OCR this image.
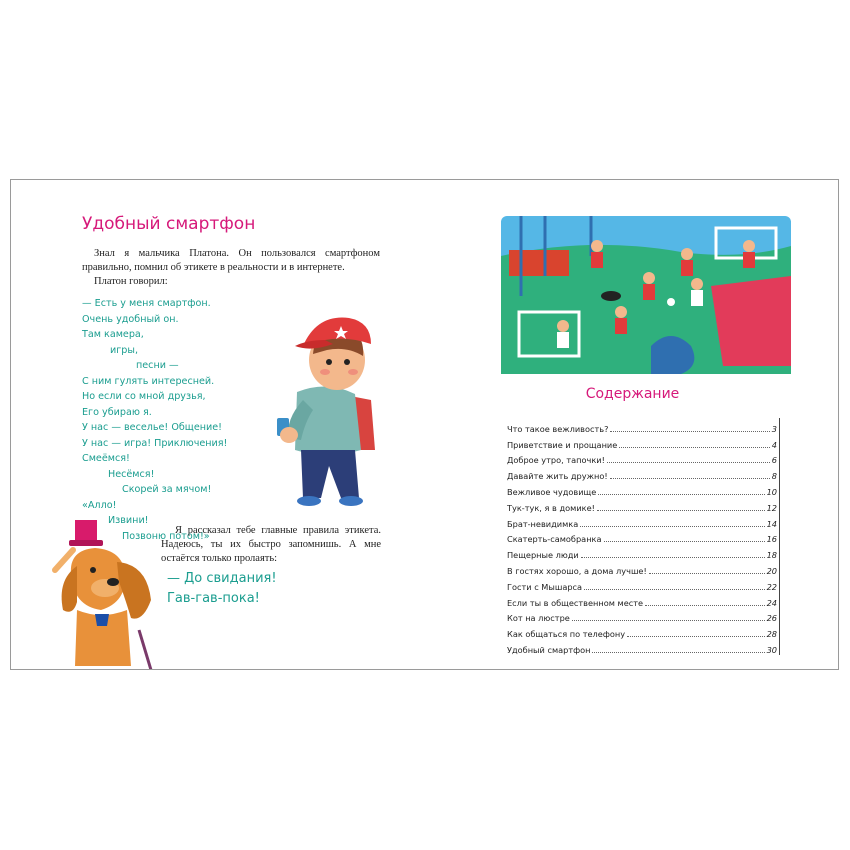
Удобный смартфон

Знал я мальчика Платона. Он пользовался смартфоном правильно, помнил об этикете в реальности и в интернете.

Платон говорил:

— Есть у меня смартфон.
Очень удобный он.
Там камера,
игры,
песни —
С ним гулять интересней.
Но если со мной друзья,
Его убираю я.
У нас — веселье! Общение!
У нас — игра! Приключения!
Смеёмся!
Несёмся!
Скорей за мячом!
«Алло!
Извини!
Позвоню потом!»

Я рассказал тебе главные правила этикета. Надеюсь, ты их быстро запомнишь. А мне остаётся только пролаять:

— До свидания!
Гав-гав-пока!
Содержание
Что такое вежливость?	3
Приветствие и прощание	4
Доброе утро, тапочки!	6
Давайте жить дружно!	8
Вежливое чудовище	10
Тук-тук, я в домике!	12
Брат-невидимка	14
Скатерть-самобранка	16
Пещерные люди	18
В гостях хорошо, а дома лучше!	20
Гости с Мышарса	22
Если ты в общественном месте	24
Кот на люстре	26
Как общаться по телефону	28
Удобный смартфон	30
